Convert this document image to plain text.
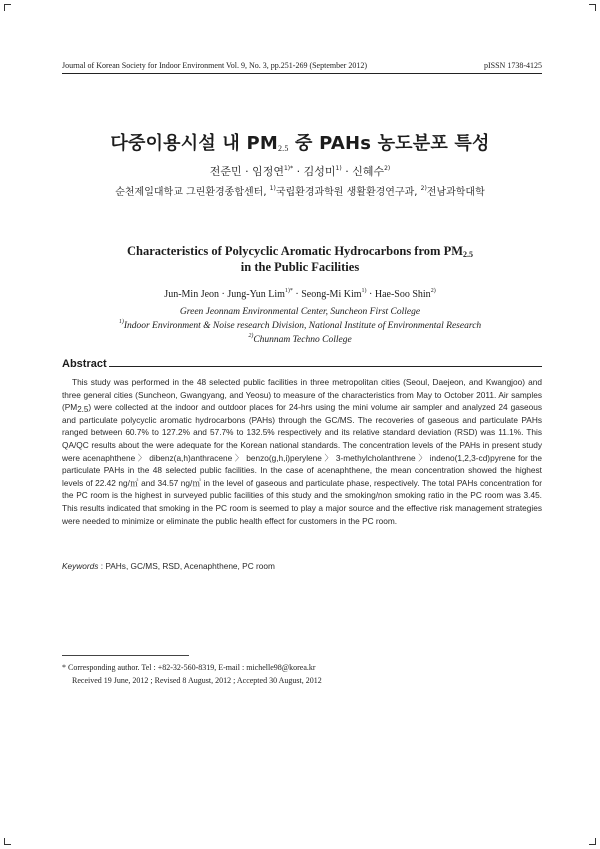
Journal of Korean Society for Indoor Environment Vol. 9, No. 3, pp.251-269 (September 2012)	pISSN 1738-4125
다중이용시설 내 $PM_{2.5}$ 중 PAHs 농도분포 특성
전준민 · 임정연$^{1)*}$ · 김성미$^{1)}$ · 신혜수$^{2)}$
순천제일대학교 그린환경종합센터, $^{1)}$국립환경과학원 생활환경연구과, $^{2)}$전남과학대학
Characteristics of Polycyclic Aromatic Hydrocarbons from $PM_{2.5}$
in the Public Facilities
Jun-Min Jeon · Jung-Yun Lim$^{1)*}$ · Seong-Mi Kim$^{1)}$ · Hae-Soo Shin$^{2)}$
Green Jeonnam Environmental Center, Suncheon First College
$^{1)}$Indoor Environment & Noise research Division, National Institute of Environmental Research
$^{2)}$Chunnam Techno College
Abstract

This study was performed in the 48 selected public facilities in three metropolitan cities (Seoul, Daejeon, and Kwangjoo) and three general cities (Suncheon, Gwangyang, and Yeosu) to measure of the characteristics from May to October 2011. Air samples $(PM_{2.5})$ were collected at the indoor and outdoor places for 24-hrs using the mini volume air sampler and analyzed 24 gaseous and particulate polycyclic aromatic hydrocarbons (PAHs) through the GC/MS. The recoveries of gaseous and particulate PAHs ranged between 60.7% to 127.2% and 57.7% to 132.5% respectively and its relative standard deviation (RSD) was 11.1%. This QA/QC results about the were adequate for the Korean national standards. The concentration levels of the PAHs in present study were acenaphthene 〉 dibenz(a,h)anthracene 〉 benzo(g,h,i)perylene 〉 3-methylcholanthrene 〉 indeno(1,2,3-cd)pyrene for the particulate PAHs in the 48 selected public facilities. In the case of acenaphthene, the mean concentration showed the highest levels of 22.42 ng/㎥ and 34.57 ng/㎥ in the level of gaseous and particulate phase, respectively. The total PAHs concentration for the PC room is the highest in surveyed public facilities of this study and the smoking/non smoking ratio in the PC room was 3.45. This results indicated that smoking in the PC room is seemed to play a major source and the effective risk management strategies were needed to minimize or eliminate the public health effect for customers in the PC room.

Keywords : PAHs, GC/MS, RSD, Acenaphthene, PC room
* Corresponding author. Tel : +82-32-560-8319, E-mail : michelle98@korea.kr
Received 19 June, 2012 ; Revised 8 August, 2012 ; Accepted 30 August, 2012
